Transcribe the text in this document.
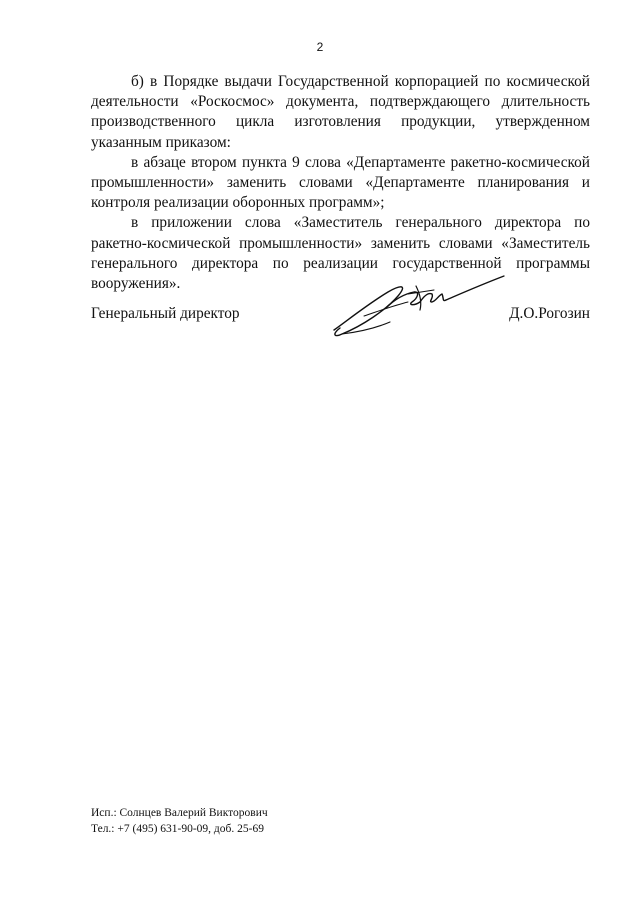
2

б) в Порядке выдачи Государственной корпорацией по космической деятельности «Роскосмос» документа, подтверждающего длительность производственного цикла изготовления продукции, утвержденном указанным приказом:

в абзаце втором пункта 9 слова «Департаменте ракетно-космической промышленности» заменить словами «Департаменте планирования и контроля реализации оборонных программ»;

в приложении слова «Заместитель генерального директора по ракетно-космической промышленности» заменить словами «Заместитель генерального директора по реализации государственной программы вооружения».

Генеральный директор	Д.О.Рогозин
Исп.: Солнцев Валерий Викторович
Тел.: +7 (495) 631-90-09, доб. 25-69
